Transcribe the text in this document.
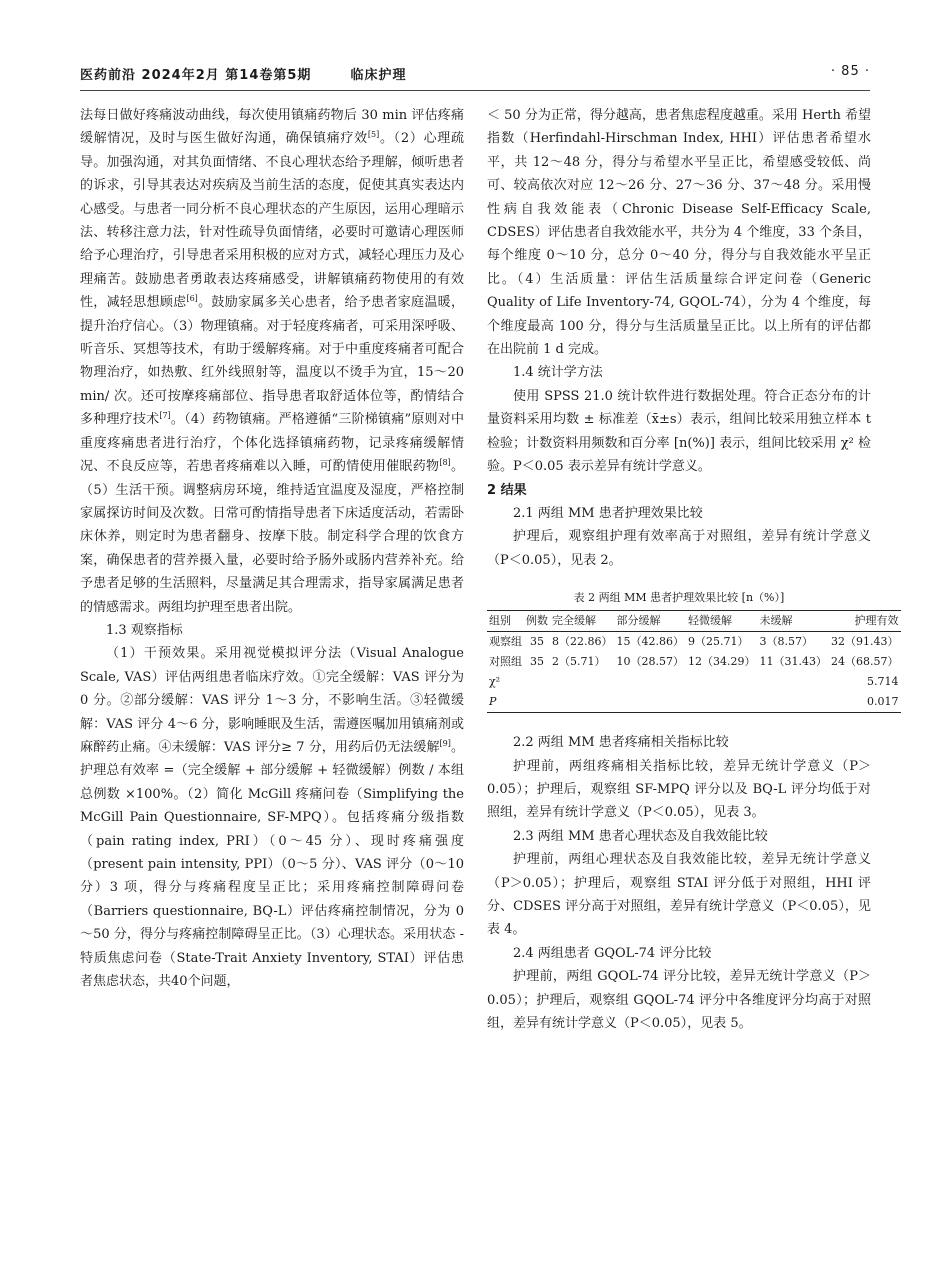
医药前沿 2024年2月 第14卷第5期	临床护理	· 85 ·

法每日做好疼痛波动曲线，每次使用镇痛药物后 30 min 评估疼痛缓解情况，及时与医生做好沟通，确保镇痛疗效[5]。（2）心理疏导。加强沟通，对其负面情绪、不良心理状态给予理解，倾听患者的诉求，引导其表达对疾病及当前生活的态度，促使其真实表达内心感受。与患者一同分析不良心理状态的产生原因，运用心理暗示法、转移注意力法，针对性疏导负面情绪，必要时可邀请心理医师给予心理治疗，引导患者采用积极的应对方式，减轻心理压力及心理痛苦。鼓励患者勇敢表达疼痛感受，讲解镇痛药物使用的有效性，减轻思想顾虑[6]。鼓励家属多关心患者，给予患者家庭温暖，提升治疗信心。（3）物理镇痛。对于轻度疼痛者，可采用深呼吸、听音乐、冥想等技术，有助于缓解疼痛。对于中重度疼痛者可配合物理治疗，如热敷、红外线照射等，温度以不烫手为宜，15～20 min/ 次。还可按摩疼痛部位、指导患者取舒适体位等，酌情结合多种理疗技术[7]。（4）药物镇痛。严格遵循“三阶梯镇痛”原则对中重度疼痛患者进行治疗，个体化选择镇痛药物，记录疼痛缓解情况、不良反应等，若患者疼痛难以入睡，可酌情使用催眠药物[8]。（5）生活干预。调整病房环境，维持适宜温度及湿度，严格控制家属探访时间及次数。日常可酌情指导患者下床适度活动，若需卧床休养，则定时为患者翻身、按摩下肢。制定科学合理的饮食方案，确保患者的营养摄入量，必要时给予肠外或肠内营养补充。给予患者足够的生活照料，尽量满足其合理需求，指导家属满足患者的情感需求。两组均护理至患者出院。

1.3 观察指标

（1）干预效果。采用视觉模拟评分法（Visual Analogue Scale, VAS）评估两组患者临床疗效。①完全缓解：VAS 评分为 0 分。②部分缓解：VAS 评分 1～3 分，不影响生活。③轻微缓解：VAS 评分 4～6 分，影响睡眠及生活，需遵医嘱加用镇痛剂或麻醉药止痛。④未缓解：VAS 评分≥ 7 分，用药后仍无法缓解[9]。护理总有效率 =（完全缓解 + 部分缓解 + 轻微缓解）例数 / 本组总例数 ×100%。（2）简化 McGill 疼痛问卷（Simplifying the McGill Pain Questionnaire, SF-MPQ）。包括疼痛分级指数（pain rating index, PRI）（0～45 分）、现时疼痛强度（present pain intensity, PPI）（0～5 分）、VAS 评分（0～10 分）3 项，得分与疼痛程度呈正比；采用疼痛控制障碍问卷（Barriers questionnaire, BQ-L）评估疼痛控制情况，分为 0～50 分，得分与疼痛控制障碍呈正比。（3）心理状态。采用状态 - 特质焦虑问卷（State-Trait Anxiety Inventory, STAI）评估患者焦虑状态，共40个问题，

＜ 50 分为正常，得分越高，患者焦虑程度越重。采用 Herth 希望指数（Herfindahl-Hirschman Index, HHI）评估患者希望水平，共 12～48 分，得分与希望水平呈正比，希望感受较低、尚可、较高依次对应 12～26 分、27～36 分、37～48 分。采用慢性病自我效能表（Chronic Disease Self-Efficacy Scale, CDSES）评估患者自我效能水平，共分为 4 个维度，33 个条目，每个维度 0～10 分，总分 0～40 分，得分与自我效能水平呈正比。（4）生活质量：评估生活质量综合评定问卷（Generic Quality of Life Inventory-74, GQOL-74），分为 4 个维度，每个维度最高 100 分，得分与生活质量呈正比。以上所有的评估都在出院前 1 d 完成。

1.4 统计学方法

使用 SPSS 21.0 统计软件进行数据处理。符合正态分布的计量资料采用均数 ± 标准差（x̄±s）表示，组间比较采用独立样本 t 检验；计数资料用频数和百分率 [n(%)] 表示，组间比较采用 χ² 检验。P＜0.05 表示差异有统计学意义。

2 结果

2.1 两组 MM 患者护理效果比较

护理后，观察组护理有效率高于对照组，差异有统计学意义（P＜0.05），见表 2。

表 2 两组 MM 患者护理效果比较 [n（%）]
组别	例数	完全缓解	部分缓解	轻微缓解	未缓解	护理有效
观察组	35	8（22.86）	15（42.86）	9（25.71）	3（8.57）	32（91.43）
对照组	35	2（5.71）	10（28.57）	12（34.29）	11（31.43）	24（68.57）
χ²						5.714
P						0.017

2.2 两组 MM 患者疼痛相关指标比较

护理前，两组疼痛相关指标比较，差异无统计学意义（P＞0.05）；护理后，观察组 SF-MPQ 评分以及 BQ-L 评分均低于对照组，差异有统计学意义（P＜0.05），见表 3。

2.3 两组 MM 患者心理状态及自我效能比较

护理前，两组心理状态及自我效能比较，差异无统计学意义（P＞0.05）；护理后，观察组 STAI 评分低于对照组，HHI 评分、CDSES 评分高于对照组，差异有统计学意义（P＜0.05），见表 4。

2.4 两组患者 GQOL-74 评分比较

护理前，两组 GQOL-74 评分比较，差异无统计学意义（P＞0.05）；护理后，观察组 GQOL-74 评分中各维度评分均高于对照组，差异有统计学意义（P＜0.05），见表 5。
